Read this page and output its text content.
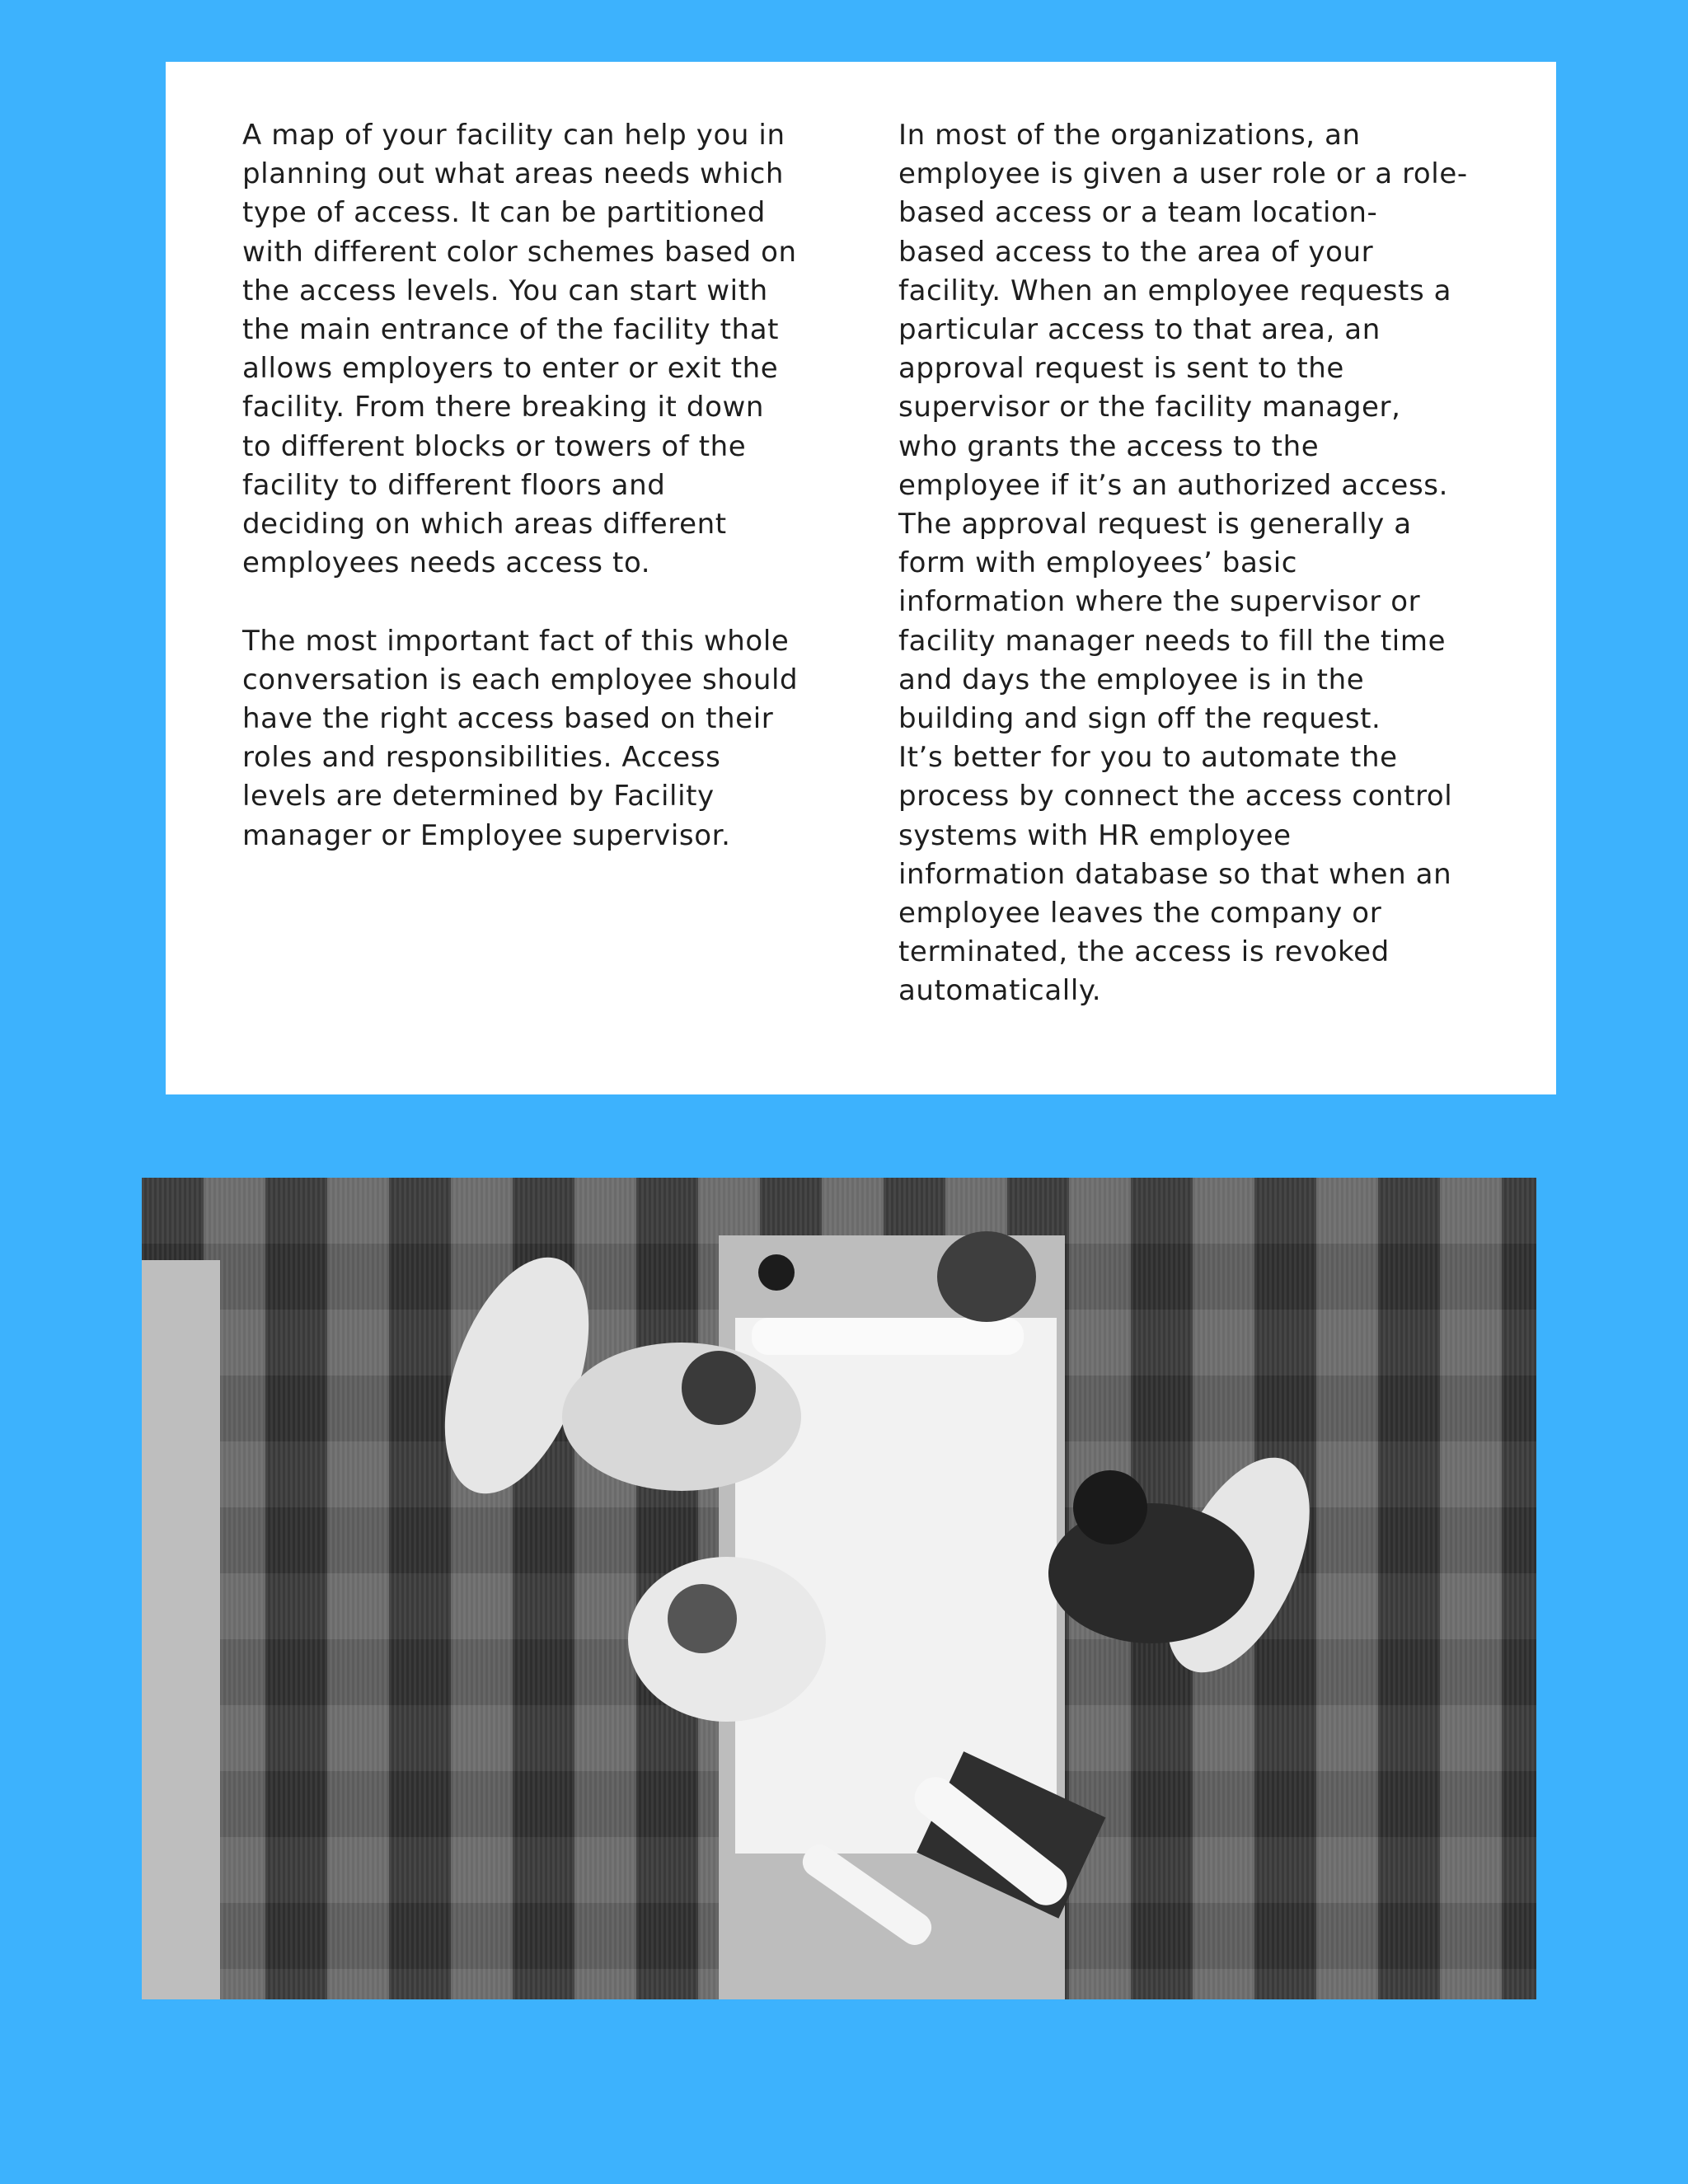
A map of your facility can help you in
planning out what areas needs which
type of access. It can be partitioned
with different color schemes based on
the access levels. You can start with
the main entrance of the facility that
allows employers to enter or exit the
facility. From there breaking it down
to different blocks or towers of the
facility to different floors and
deciding on which areas different
employees needs access to.

The most important fact of this whole
conversation is each employee should
have the right access based on their
roles and responsibilities. Access
levels are determined by Facility
manager or Employee supervisor.

In most of the organizations, an
employee is given a user role or a role-
based access or a team location-
based access to the area of your
facility. When an employee requests a
particular access to that area, an
approval request is sent to the
supervisor or the facility manager,
who grants the access to the
employee if it’s an authorized access.
The approval request is generally a
form with employees’ basic
information where the supervisor or
facility manager needs to fill the time
and days the employee is in the
building and sign off the request.
It’s better for you to automate the
process by connect the access control
systems with HR employee
information database so that when an
employee leaves the company or
terminated, the access is revoked
automatically.
